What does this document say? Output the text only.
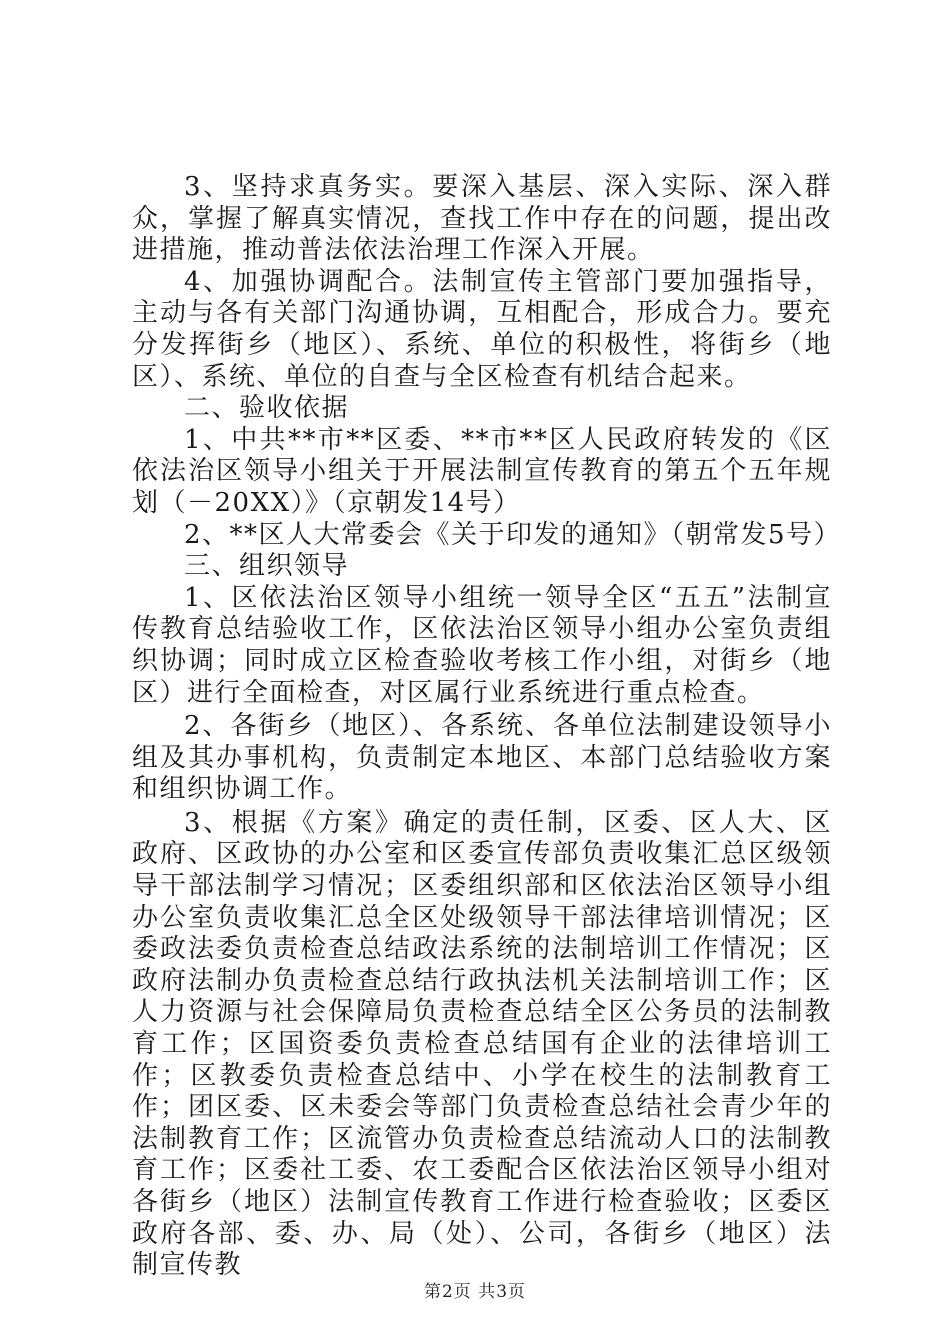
3、坚持求真务实。要深入基层、深入实际、深入群众，掌握了解真实情况，查找工作中存在的问题，提出改进措施，推动普法依法治理工作深入开展。

4、加强协调配合。法制宣传主管部门要加强指导，主动与各有关部门沟通协调，互相配合，形成合力。要充分发挥街乡（地区）、系统、单位的积极性，将街乡（地区）、系统、单位的自查与全区检查有机结合起来。

二、验收依据

1、中共**市**区委、**市**区人民政府转发的《区依法治区领导小组关于开展法制宣传教育的第五个五年规划（－20XX）》（京朝发14号）

2、**区人大常委会《关于印发的通知》（朝常发5号）

三、组织领导

1、区依法治区领导小组统一领导全区“五五”法制宣传教育总结验收工作，区依法治区领导小组办公室负责组织协调；同时成立区检查验收考核工作小组，对街乡（地区）进行全面检查，对区属行业系统进行重点检查。

2、各街乡（地区）、各系统、各单位法制建设领导小组及其办事机构，负责制定本地区、本部门总结验收方案和组织协调工作。

3、根据《方案》确定的责任制，区委、区人大、区政府、区政协的办公室和区委宣传部负责收集汇总区级领导干部法制学习情况；区委组织部和区依法治区领导小组办公室负责收集汇总全区处级领导干部法律培训情况；区委政法委负责检查总结政法系统的法制培训工作情况；区政府法制办负责检查总结行政执法机关法制培训工作；区人力资源与社会保障局负责检查总结全区公务员的法制教育工作；区国资委负责检查总结国有企业的法律培训工作；区教委负责检查总结中、小学在校生的法制教育工作；团区委、区未委会等部门负责检查总结社会青少年的法制教育工作；区流管办负责检查总结流动人口的法制教育工作；区委社工委、农工委配合区依法治区领导小组对各街乡（地区）法制宣传教育工作进行检查验收；区委区政府各部、委、办、局（处）、公司，各街乡（地区）法制宣传教

第2页 共3页
